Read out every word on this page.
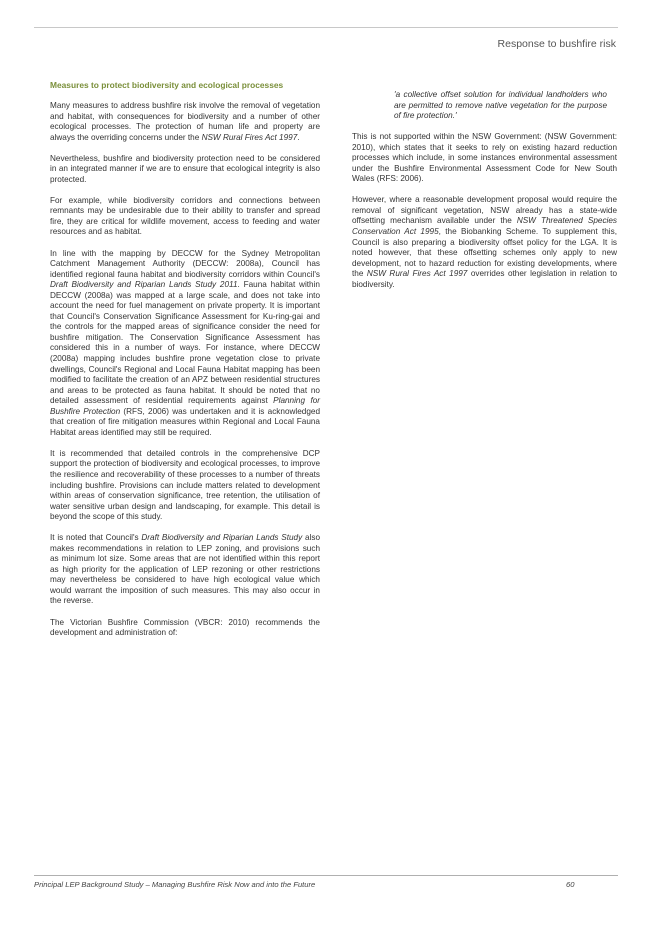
Response to bushfire risk

Measures to protect biodiversity and ecological processes

Many measures to address bushfire risk involve the removal of vegetation and habitat, with consequences for biodiversity and a number of other ecological processes. The protection of human life and property are always the overriding concerns under the NSW Rural Fires Act 1997.

Nevertheless, bushfire and biodiversity protection need to be considered in an integrated manner if we are to ensure that ecological integrity is also protected.

For example, while biodiversity corridors and connections between remnants may be undesirable due to their ability to transfer and spread fire, they are critical for wildlife movement, access to feeding and water resources and as habitat.

In line with the mapping by DECCW for the Sydney Metropolitan Catchment Management Authority (DECCW: 2008a), Council has identified regional fauna habitat and biodiversity corridors within Council's Draft Biodiversity and Riparian Lands Study 2011. Fauna habitat within DECCW (2008a) was mapped at a large scale, and does not take into account the need for fuel management on private property. It is important that Council's Conservation Significance Assessment for Ku-ring-gai and the controls for the mapped areas of significance consider the need for bushfire mitigation. The Conservation Significance Assessment has considered this in a number of ways. For instance, where DECCW (2008a) mapping includes bushfire prone vegetation close to private dwellings, Council's Regional and Local Fauna Habitat mapping has been modified to facilitate the creation of an APZ between residential structures and areas to be protected as fauna habitat. It should be noted that no detailed assessment of residential requirements against Planning for Bushfire Protection (RFS, 2006) was undertaken and it is acknowledged that creation of fire mitigation measures within Regional and Local Fauna Habitat areas identified may still be required.

It is recommended that detailed controls in the comprehensive DCP support the protection of biodiversity and ecological processes, to improve the resilience and recoverability of these processes to a number of threats including bushfire. Provisions can include matters related to development within areas of conservation significance, tree retention, the utilisation of water sensitive urban design and landscaping, for example. This detail is beyond the scope of this study.

It is noted that Council's Draft Biodiversity and Riparian Lands Study also makes recommendations in relation to LEP zoning, and provisions such as minimum lot size. Some areas that are not identified within this report as high priority for the application of LEP rezoning or other restrictions may nevertheless be considered to have high ecological value which would warrant the imposition of such measures. This may also occur in the reverse.

The Victorian Bushfire Commission (VBCR: 2010) recommends the development and administration of:

'a collective offset solution for individual landholders who are permitted to remove native vegetation for the purpose of fire protection.'

This is not supported within the NSW Government: (NSW Government: 2010), which states that it seeks to rely on existing hazard reduction processes which include, in some instances environmental assessment under the Bushfire Environmental Assessment Code for New South Wales (RFS: 2006).

However, where a reasonable development proposal would require the removal of significant vegetation, NSW already has a state-wide offsetting mechanism available under the NSW Threatened Species Conservation Act 1995, the Biobanking Scheme. To supplement this, Council is also preparing a biodiversity offset policy for the LGA. It is noted however, that these offsetting schemes only apply to new development, not to hazard reduction for existing developments, where the NSW Rural Fires Act 1997 overrides other legislation in relation to biodiversity.

Principal LEP Background Study – Managing Bushfire Risk Now and into the Future	60
